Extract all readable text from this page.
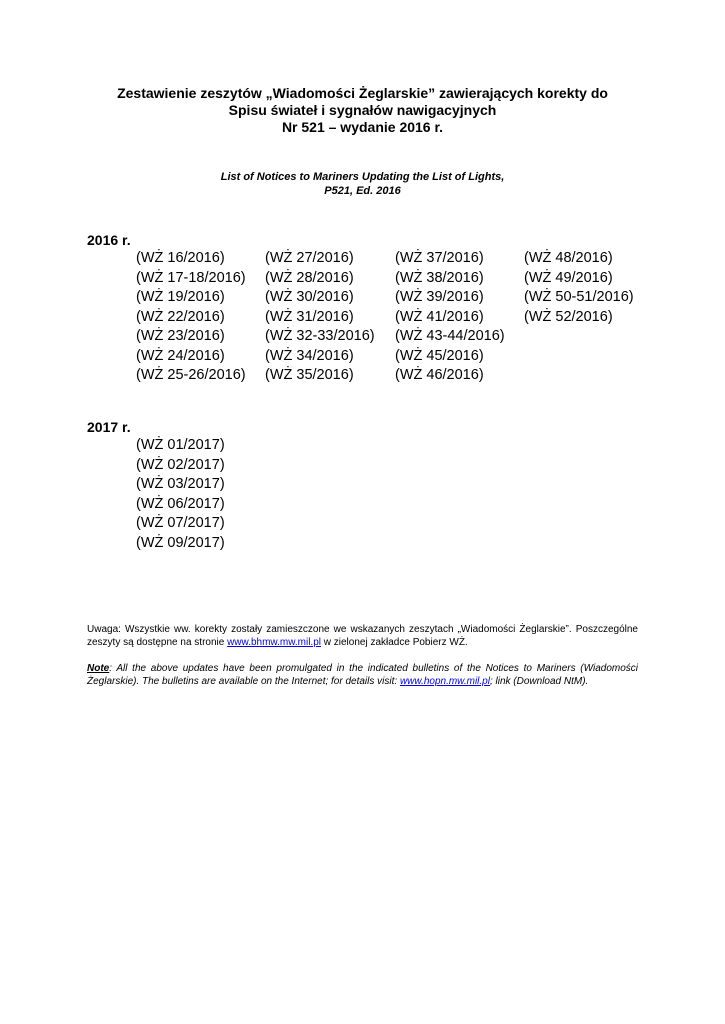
Zestawienie zeszytów „Wiadomości Żeglarskie” zawierających korekty do
Spisu świateł i sygnałów nawigacyjnych
Nr 521 – wydanie 2016 r.
List of Notices to Mariners Updating the List of Lights,
P521, Ed. 2016
2016 r.
(WŻ 16/2016)	(WŻ 27/2016)	(WŻ 37/2016)	(WŻ 48/2016)
(WŻ 17-18/2016)	(WŻ 28/2016)	(WŻ 38/2016)	(WŻ 49/2016)
(WŻ 19/2016)	(WŻ 30/2016)	(WŻ 39/2016)	(WŻ 50-51/2016)
(WŻ 22/2016)	(WŻ 31/2016)	(WŻ 41/2016)	(WŻ 52/2016)
(WŻ 23/2016)	(WŻ 32-33/2016)	(WŻ 43-44/2016)
(WŻ 24/2016)	(WŻ 34/2016)	(WŻ 45/2016)
(WŻ 25-26/2016)	(WŻ 35/2016)	(WŻ 46/2016)
2017 r.
(WŻ 01/2017)
(WŻ 02/2017)
(WŻ 03/2017)
(WŻ 06/2017)
(WŻ 07/2017)
(WŻ 09/2017)
Uwaga: Wszystkie ww. korekty zostały zamieszczone we wskazanych zeszytach „Wiadomości Żeglarskie”. Poszczególne zeszyty są dostępne na stronie www.bhmw.mw.mil.pl w zielonej zakładce Pobierz WŻ.
Note: All the above updates have been promulgated in the indicated bulletins of the Notices to Mariners (Wiadomości Żeglarskie). The bulletins are available on the Internet; for details visit: www.hopn.mw.mil.pl; link (Download NtM).
